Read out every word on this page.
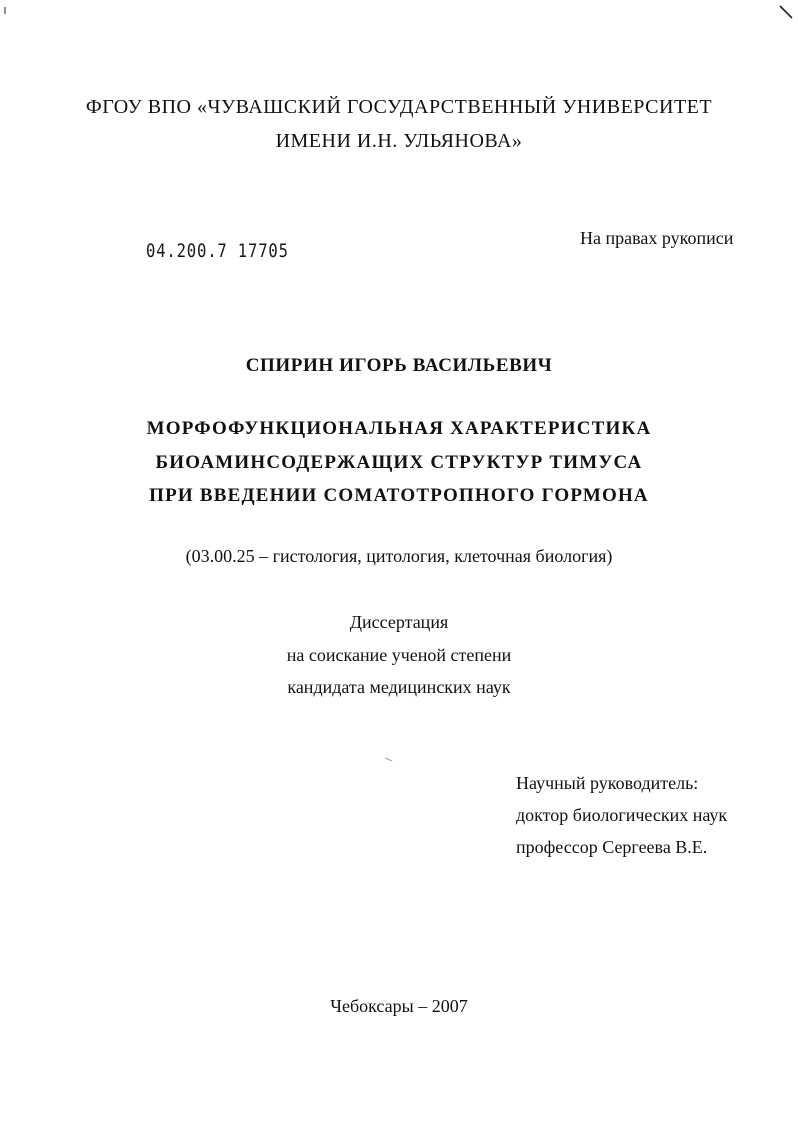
ФГОУ ВПО «ЧУВАШСКИЙ ГОСУДАРСТВЕННЫЙ УНИВЕРСИТЕТ
ИМЕНИ И.Н. УЛЬЯНОВА»
04.200.7 17705
На правах рукописи
СПИРИН ИГОРЬ ВАСИЛЬЕВИЧ
МОРФОФУНКЦИОНАЛЬНАЯ ХАРАКТЕРИСТИКА
БИОАМИНСОДЕРЖАЩИХ СТРУКТУР ТИМУСА
ПРИ ВВЕДЕНИИ СОМАТОТРОПНОГО ГОРМОНА
(03.00.25 – гистология, цитология, клеточная биология)
Диссертация
на соискание ученой степени
кандидата медицинских наук
Научный руководитель:
доктор биологических наук
профессор Сергеева В.Е.
Чебоксары – 2007
